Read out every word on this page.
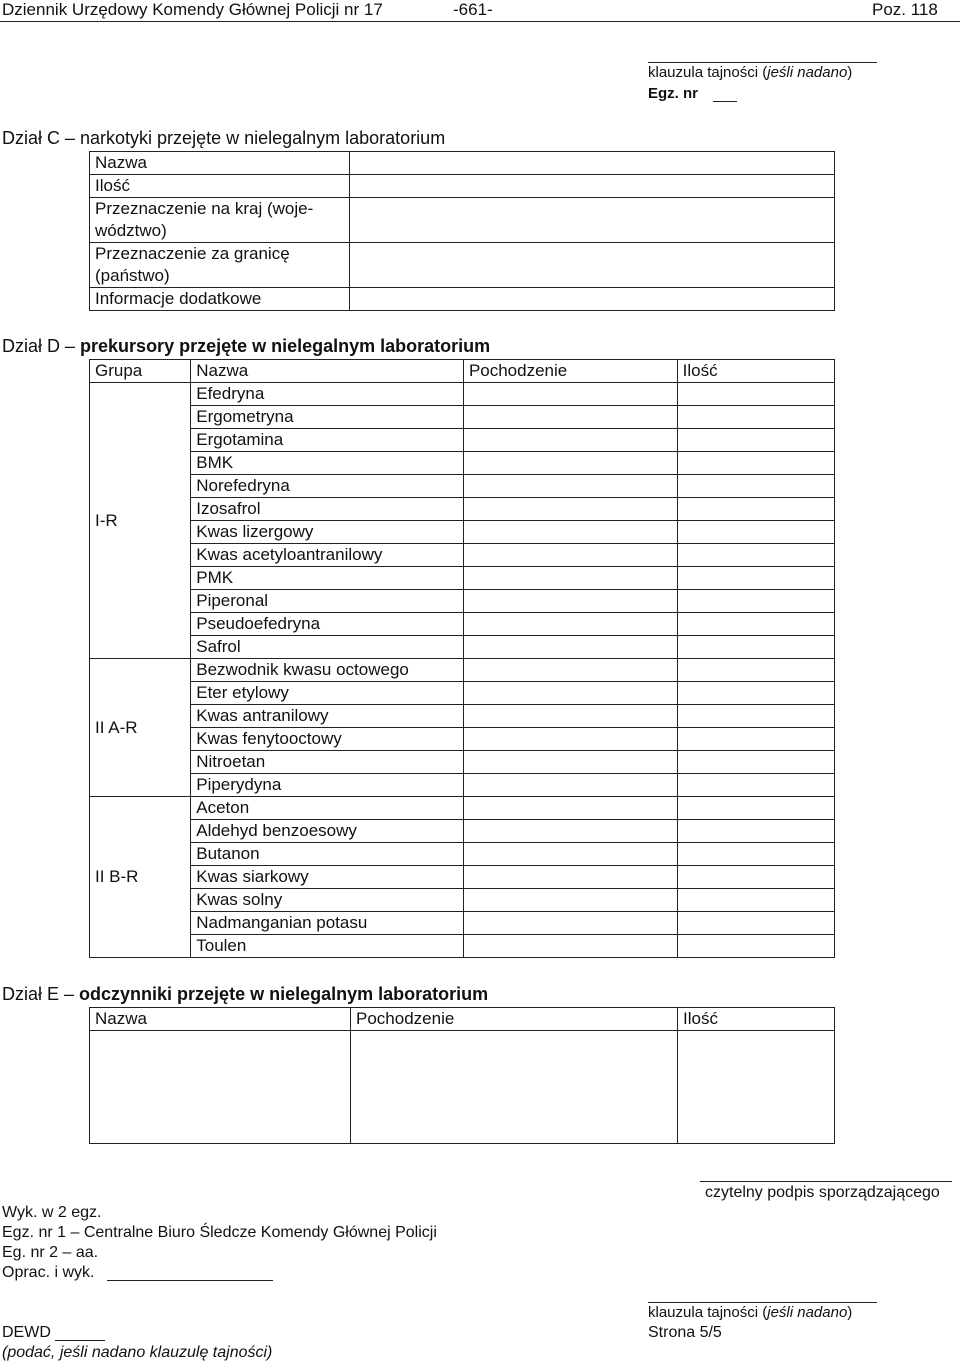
Dziennik Urzędowy Komendy Głównej Policji nr 17	-661-	Poz. 118
klauzula tajności (jeśli nadano)
Egz. nr
Dział C – narkotyki przejęte w nielegalnym laboratorium
Nazwa	
Ilość	
Przeznaczenie na kraj (woje-
wództwo)	
Przeznaczenie za granicę
(państwo)	
Informacje dodatkowe	
Dział D – prekursory przejęte w nielegalnym laboratorium
Grupa	Nazwa	Pochodzenie	Ilość
I-R	Efedryna		
	Ergometryna		
	Ergotamina		
	BMK		
	Norefedryna		
	Izosafrol		
	Kwas lizergowy		
	Kwas acetyloantranilowy		
	PMK		
	Piperonal		
	Pseudoefedryna		
	Safrol		
II A-R	Bezwodnik kwasu octowego		
	Eter etylowy		
	Kwas antranilowy		
	Kwas fenytooctowy		
	Nitroetan		
	Piperydyna		
II B-R	Aceton		
	Aldehyd benzoesowy		
	Butanon		
	Kwas siarkowy		
	Kwas solny		
	Nadmanganian potasu		
	Toulen		
Dział E – odczynniki przejęte w nielegalnym laboratorium
Nazwa	Pochodzenie	Ilość

czytelny podpis sporządzającego
Wyk. w 2 egz.
Egz. nr 1 – Centralne Biuro Śledcze Komendy Głównej Policji
Eg. nr 2 – aa.
Oprac. i wyk.
klauzula tajności (jeśli nadano)
DEWD	Strona 5/5
(podać, jeśli nadano klauzulę tajności)
